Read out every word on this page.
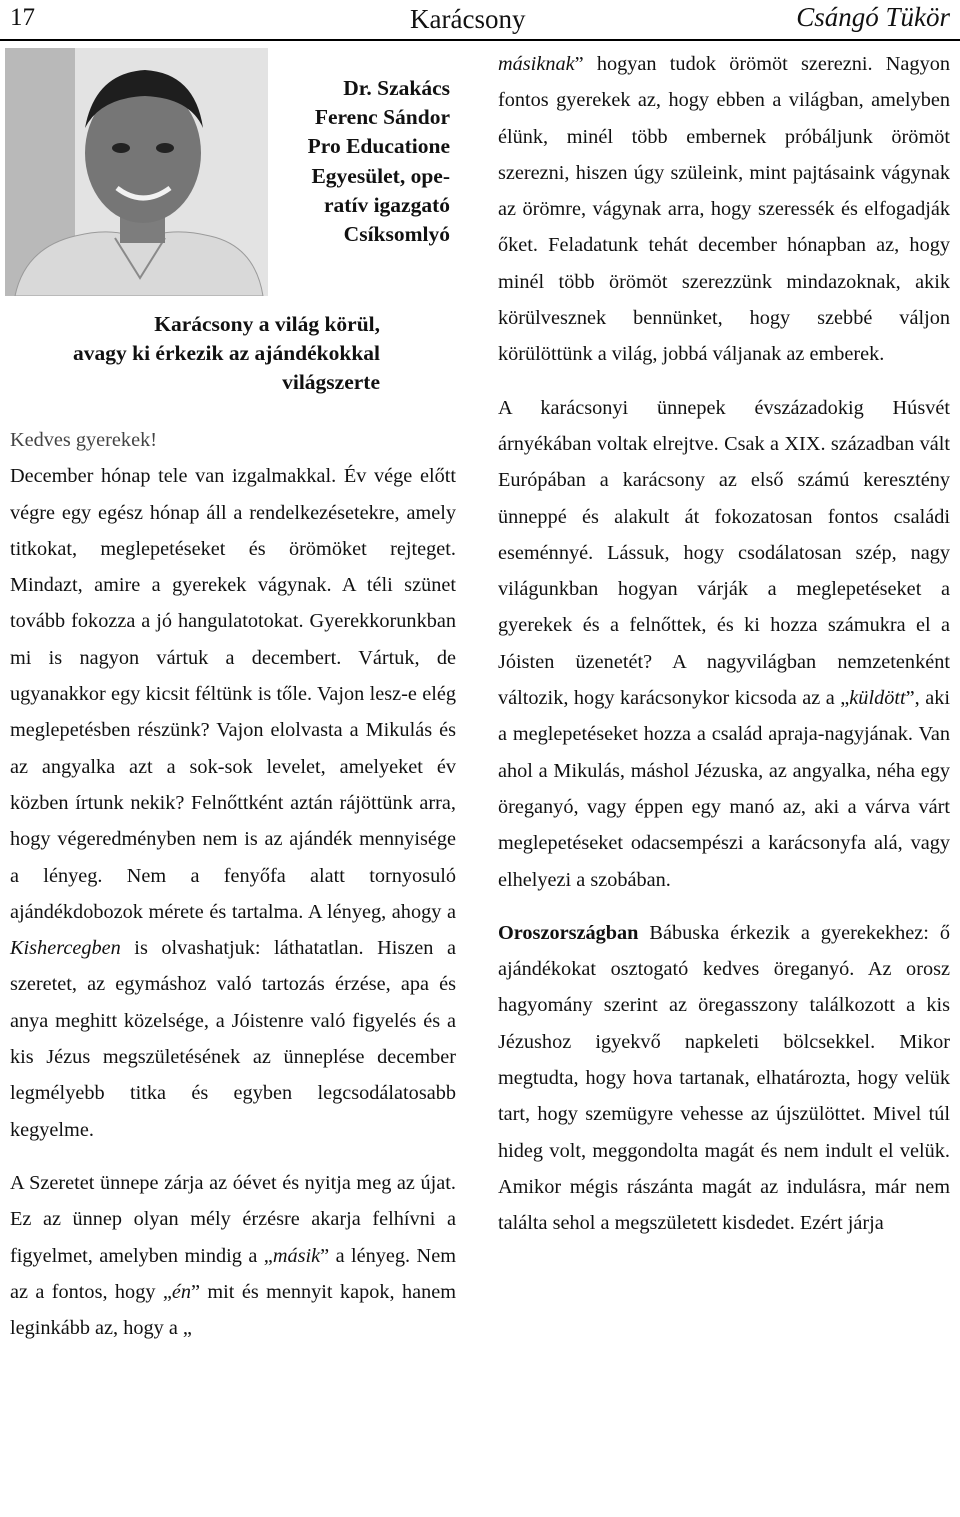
17	Karácsony	Csángó Tükör
Dr. Szakács
Ferenc Sándor
Pro Educatione
Egyesület, ope-
ratív igazgató
Csíksomlyó
Karácsony a világ körül,
avagy ki érkezik az ajándékokkal
világszerte

Kedves gyerekek!

December hónap tele van izgalmakkal. Év vége előtt végre egy egész hónap áll a rendelkezésetekre, amely titkokat, meglepetéseket és örömöket rejteget. Mindazt, amire a gyerekek vágynak. A téli szünet tovább fokozza a jó hangulatotokat. Gyerekkorunkban mi is nagyon vártuk a decembert. Vártuk, de ugyanakkor egy kicsit féltünk is tőle. Vajon lesz-e elég meglepetésben részünk? Vajon elolvasta a Mikulás és az angyalka azt a sok-sok levelet, amelyeket év közben írtunk nekik? Felnőttként aztán rájöttünk arra, hogy végeredményben nem is az ajándék mennyisége a lényeg. Nem a fenyőfa alatt tornyosuló ajándékdobozok mérete és tartalma. A lényeg, ahogy a Kishercegben is olvashatjuk: láthatatlan. Hiszen a szeretet, az egymáshoz való tartozás érzése, apa és anya meghitt közelsége, a Jóistenre való figyelés és a kis Jézus megszületésének az ünneplése december legmélyebb titka és egyben legcsodálatosabb kegyelme.

A Szeretet ünnepe zárja az óévet és nyitja meg az újat. Ez az ünnep olyan mély érzésre akarja felhívni a figyelmet, amelyben mindig a „másik” a lényeg. Nem az a fontos, hogy „én” mit és mennyit kapok, hanem leginkább az, hogy a „

másiknak” hogyan tudok örömöt szerezni. Nagyon fontos gyerekek az, hogy ebben a világban, amelyben élünk, minél több embernek próbáljunk örömöt szerezni, hiszen úgy szüleink, mint pajtásaink vágynak az örömre, vágynak arra, hogy szeressék és elfogadják őket. Feladatunk tehát december hónapban az, hogy minél több örömöt szerezzünk mindazoknak, akik körülvesznek bennünket, hogy szebbé váljon körülöttünk a világ, jobbá váljanak az emberek.

A karácsonyi ünnepek évszázadokig Húsvét árnyékában voltak elrejtve. Csak a XIX. században vált Európában a karácsony az első számú keresztény ünneppé és alakult át fokozatosan fontos családi eseménnyé. Lássuk, hogy csodálatosan szép, nagy világunkban hogyan várják a meglepetéseket a gyerekek és a felnőttek, és ki hozza számukra el a Jóisten üzenetét? A nagyvilágban nemzetenként változik, hogy karácsonykor kicsoda az a „küldött”, aki a meglepetéseket hozza a család apraja-nagyjának. Van ahol a Mikulás, máshol Jézuska, az angyalka, néha egy öreganyó, vagy éppen egy manó az, aki a várva várt meglepetéseket odacsempészi a karácsonyfa alá, vagy elhelyezi a szobában.

Oroszországban Bábuska érkezik a gyerekekhez: ő ajándékokat osztogató kedves öreganyó. Az orosz hagyomány szerint az öregasszony találkozott a kis Jézushoz igyekvő napkeleti bölcsekkel. Mikor megtudta, hogy hova tartanak, elhatározta, hogy velük tart, hogy szemügyre vehesse az újszülöttet. Mivel túl hideg volt, meggondolta magát és nem indult el velük. Amikor mégis rászánta magát az indulásra, már nem találta sehol a megszületett kisdedet. Ezért járja
